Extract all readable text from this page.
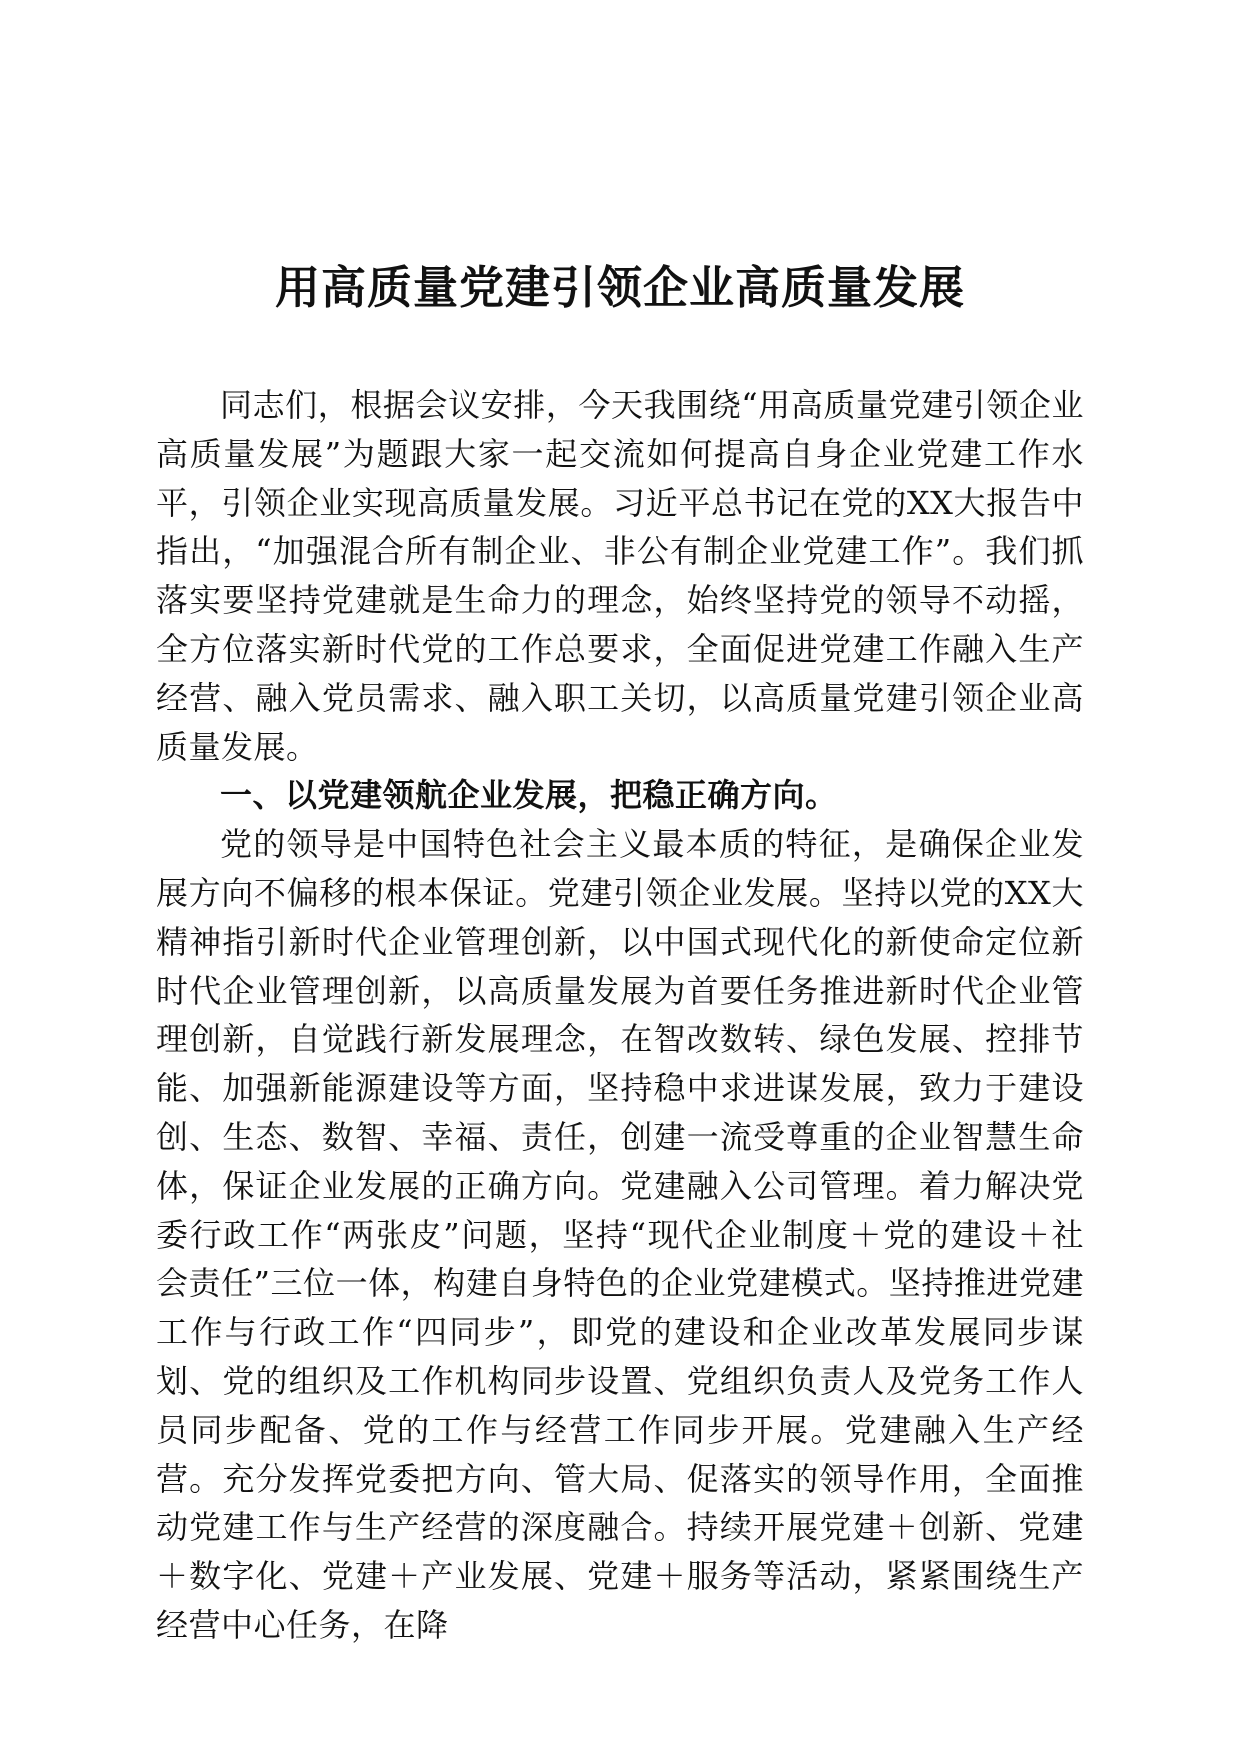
用高质量党建引领企业高质量发展

同志们，根据会议安排，今天我围绕“用高质量党建引领企业高质量发展”为题跟大家一起交流如何提高自身企业党建工作水平，引领企业实现高质量发展。习近平总书记在党的XX大报告中指出，“加强混合所有制企业、非公有制企业党建工作”。我们抓落实要坚持党建就是生命力的理念，始终坚持党的领导不动摇，全方位落实新时代党的工作总要求，全面促进党建工作融入生产经营、融入党员需求、融入职工关切，以高质量党建引领企业高质量发展。

一、以党建领航企业发展，把稳正确方向。

党的领导是中国特色社会主义最本质的特征，是确保企业发展方向不偏移的根本保证。党建引领企业发展。坚持以党的XX大精神指引新时代企业管理创新，以中国式现代化的新使命定位新时代企业管理创新，以高质量发展为首要任务推进新时代企业管理创新，自觉践行新发展理念，在智改数转、绿色发展、控排节能、加强新能源建设等方面，坚持稳中求进谋发展，致力于建设创、生态、数智、幸福、责任，创建一流受尊重的企业智慧生命体，保证企业发展的正确方向。党建融入公司管理。着力解决党委行政工作“两张皮”问题，坚持“现代企业制度＋党的建设＋社会责任”三位一体，构建自身特色的企业党建模式。坚持推进党建工作与行政工作“四同步”，即党的建设和企业改革发展同步谋划、党的组织及工作机构同步设置、党组织负责人及党务工作人员同步配备、党的工作与经营工作同步开展。党建融入生产经营。充分发挥党委把方向、管大局、促落实的领导作用，全面推动党建工作与生产经营的深度融合。持续开展党建＋创新、党建＋数字化、党建＋产业发展、党建＋服务等活动，紧紧围绕生产经营中心任务，在降
